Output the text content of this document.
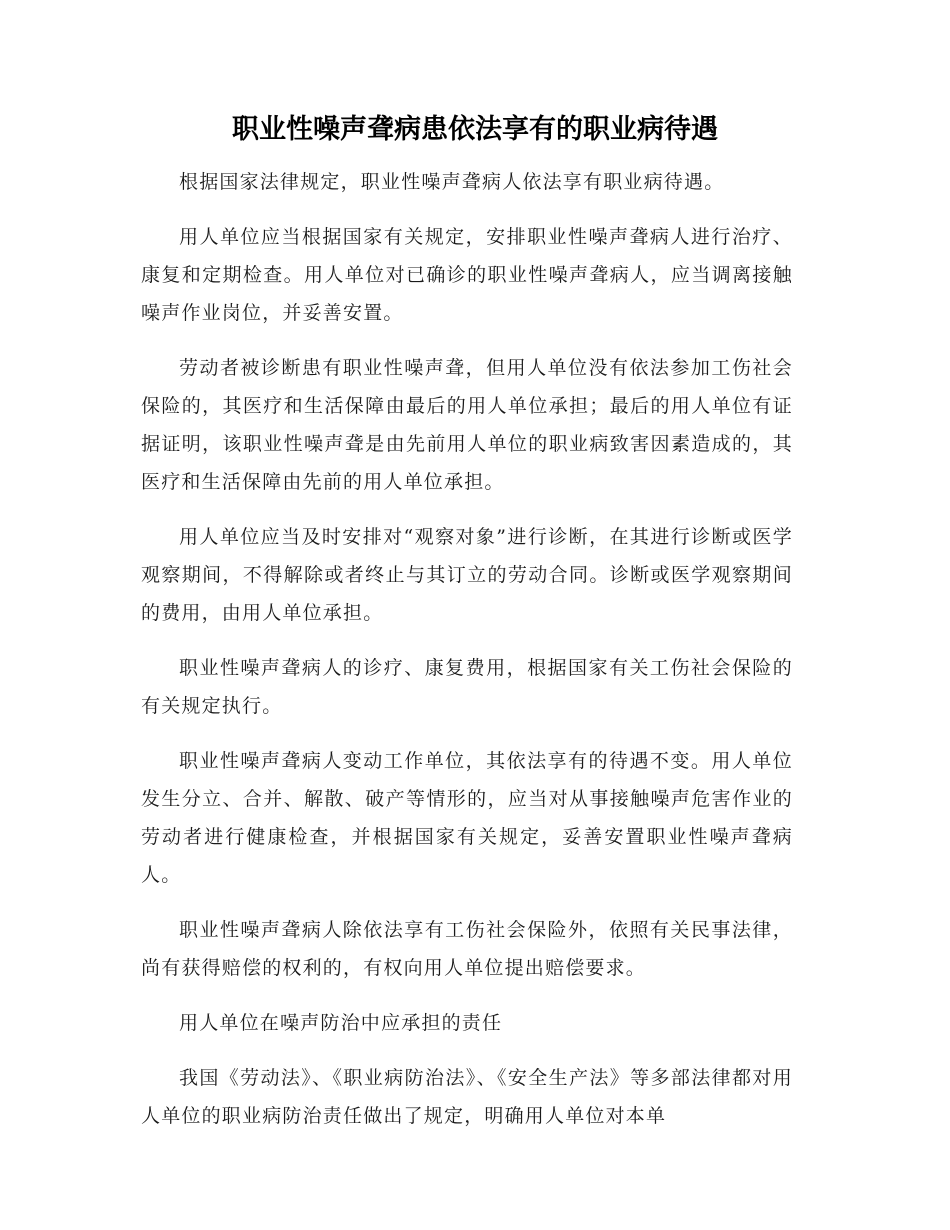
职业性噪声聋病患依法享有的职业病待遇

根据国家法律规定，职业性噪声聋病人依法享有职业病待遇。

用人单位应当根据国家有关规定，安排职业性噪声聋病人进行治疗、康复和定期检查。用人单位对已确诊的职业性噪声聋病人，应当调离接触噪声作业岗位，并妥善安置。

劳动者被诊断患有职业性噪声聋，但用人单位没有依法参加工伤社会保险的，其医疗和生活保障由最后的用人单位承担；最后的用人单位有证据证明，该职业性噪声聋是由先前用人单位的职业病致害因素造成的，其医疗和生活保障由先前的用人单位承担。

用人单位应当及时安排对“观察对象”进行诊断，在其进行诊断或医学观察期间，不得解除或者终止与其订立的劳动合同。诊断或医学观察期间的费用，由用人单位承担。

职业性噪声聋病人的诊疗、康复费用，根据国家有关工伤社会保险的有关规定执行。

职业性噪声聋病人变动工作单位，其依法享有的待遇不变。用人单位发生分立、合并、解散、破产等情形的，应当对从事接触噪声危害作业的劳动者进行健康检查，并根据国家有关规定，妥善安置职业性噪声聋病人。

职业性噪声聋病人除依法享有工伤社会保险外，依照有关民事法律，尚有获得赔偿的权利的，有权向用人单位提出赔偿要求。

用人单位在噪声防治中应承担的责任

我国《劳动法》、《职业病防治法》、《安全生产法》等多部法律都对用人单位的职业病防治责任做出了规定，明确用人单位对本单
